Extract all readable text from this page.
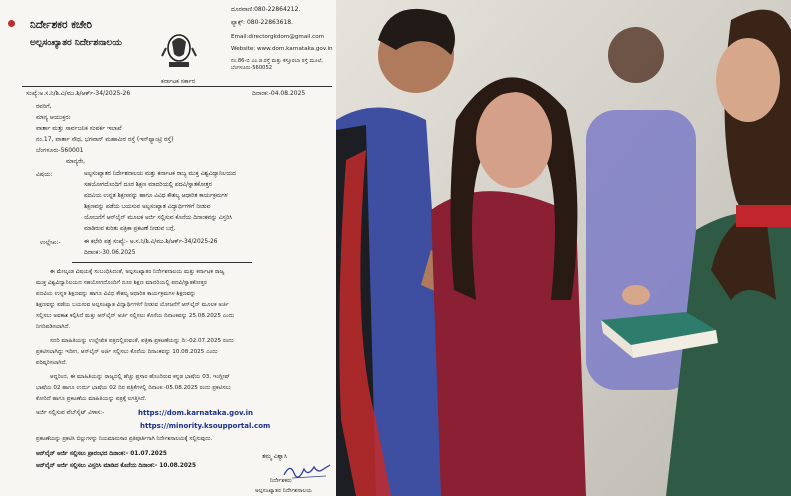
ನಿರ್ದೇಶಕರ ಕಚೇರಿ
ಅಲ್ಪಸಂಖ್ಯಾತರ ನಿರ್ದೇಶನಾಲಯ
ಕರ್ನಾಟಕ ಸರ್ಕಾರ
ದೂರವಾಣಿ:080-22864212.
ಫ್ಯಾಕ್ಸ್: 080-22863618.
Email:directorgkdom@gmail.com
Website: www.dom.karnataka.gov.in
ನಂ.86-ಬಿ ಎಂ.ಜಿ.ರಸ್ತೆ ಮತ್ತು ಕಸ್ತೂರಬಾ ರಸ್ತೆ ಮೂಲೆ, ಬೆಂಗಳೂರು-560052
ಸಂಖ್ಯೆ:ಅ.ಸ.ನಿ/ಶಿ.ವಿ/ಮು.ಶಿ/ಆರ್ಕ್-34/2025-26	ದಿನಾಂಕ:-04.08.2025
ರವರಿಗೆ,
ಮಾನ್ಯ ಆಯುಕ್ತರು
ವಾರ್ತಾ ಮತ್ತು ಸಾರ್ವಜನಿಕ ಸಂಪರ್ಕ ಇಲಾಖೆ
ನಂ.17, ವಾರ್ತಾ ಸೌಧ, ಭಗವಾನ್ ಮಹಾವೀರ ರಸ್ತೆ (ಇನ್‌ಫ್ಯಾಂಟ್ರಿ ರಸ್ತೆ)
ಬೆಂಗಳೂರು-560001
ಮಾನ್ಯರೇ,
ವಿಷಯ:	ಅಲ್ಪಸಂಖ್ಯಾತರ ನಿರ್ದೇಶನಾಲಯ ಮತ್ತು ಕರ್ನಾಟಕ ರಾಜ್ಯ ಮುಕ್ತ ವಿಶ್ವವಿದ್ಯಾನಿಲಯದ
ಸಹಯೋಗದೊಂದಿಗೆ ದೂರ ಶಿಕ್ಷಣ ಮಾದರಿಯಲ್ಲಿ ಪದವಿ/ಸ್ನಾತಕೋತ್ತರ
ಪದವಿಯ ಉನ್ನತ ಶಿಕ್ಷಣವನ್ನು ಹಾಗೂ ವಿವಿಧ ಕೌಶಲ್ಯ ಆಧಾರಿತ ಕಾರ್ಯಕ್ರಮಗಳ
ಶಿಕ್ಷಣವನ್ನು ಪಡೆಯ ಬಯಸುವ ಅಲ್ಪಸಂಖ್ಯಾತ ವಿದ್ಯಾರ್ಥಿಗಳಿಗೆ ನೀಡುವ
ಯೋಜನೆಗೆ ಆನ್‌ಲೈನ್ ಮೂಲಕ ಅರ್ಜಿ ಸಲ್ಲಿಸುವ ಕೊನೆಯ ದಿನಾಂಕವನ್ನು ವಿಸ್ತರಿಸಿ
ಮಾಡಿರುವ ಕುರಿತು ಪತ್ರಿಕಾ ಪ್ರಕಟಣೆ ನೀಡುವ ಬಗ್ಗೆ.
ಉಲ್ಲೇಖ:-	ಈ ಕಛೇರಿ ಪತ್ರ ಸಂಖ್ಯೆ:- ಅ.ಸ.ನಿ/ಶಿ.ವಿ/ಮು.ಶಿ/ಆರ್ಕ್-34/2025-26
ದಿನಾಂಕ:-30.06.2025
ಈ ಮೇಲ್ಕಂಡ ವಿಷಯಕ್ಕೆ ಸಂಬಂಧಿಸಿದಂತೆ, ಅಲ್ಪಸಂಖ್ಯಾತರ ನಿರ್ದೇಶನಾಲಯ ಮತ್ತು ಕರ್ನಾಟಕ ರಾಜ್ಯ
ಮುಕ್ತ ವಿಶ್ವವಿದ್ಯಾನಿಲಯದ ಸಹಯೋಗದೊಂದಿಗೆ ದೂರ ಶಿಕ್ಷಣ ಮಾದರಿಯಲ್ಲಿ ಪದವಿ/ಸ್ನಾತಕೋತ್ತರ
ಪದವಿಯ ಉನ್ನತ ಶಿಕ್ಷಣವನ್ನು ಹಾಗೂ ವಿವಿಧ ಕೌಶಲ್ಯ ಆಧಾರಿತ ಕಾರ್ಯಕ್ರಮಗಳ ಶಿಕ್ಷಣವನ್ನು
ಶಿಕ್ಷಣವನ್ನು ಪಡೆಯ ಬಯಸುವ ಅಲ್ಪಸಂಖ್ಯಾತ ವಿದ್ಯಾರ್ಥಿಗಳಿಗೆ ನೀಡುವ ಯೋಜನೆಗೆ ಆನ್‌ಲೈನ್ ಮೂಲಕ ಅರ್ಜಿ
ಸಲ್ಲಿಸಲು ಅವಕಾಶ ಕಲ್ಪಿಸಿದೆ ಮತ್ತು ಆನ್‌ಲೈನ್ ಅರ್ಜಿ ಸಲ್ಲಿಸಲು ಕೊನೆಯ ದಿನಾಂಕವನ್ನು 25.08.2025 ಎಂದು
ನಿಗದಿಪಡಿಸಲಾಗಿದೆ.
ಸದರಿ ಮಾಹಿತಿಯನ್ನು ಉಲ್ಲೇಖಿತ ಪತ್ರದಲ್ಲಿರುವಂತೆ, ಪತ್ರಿಕಾ ಪ್ರಕಟಣೆಯನ್ನು ದಿ:-02.07.2025 ರಂದು
ಪ್ರಕಟಿಸಲಾಗಿದ್ದು ಇದೀಗ, ಆನ್‌ಲೈನ್ ಅರ್ಜಿ ಸಲ್ಲಿಸಲು ಕೊನೆಯ ದಿನಾಂಕವನ್ನು 10.08.2025 ಎಂದು
ಪರಿಷ್ಕರಿಸಲಾಗಿದೆ.
ಆದ್ದರಿಂದ, ಈ ಮಾಹಿತಿಯನ್ನು ರಾಜ್ಯದಲ್ಲಿ ಹೆಚ್ಚು ಪ್ರಸಾರ ಹೊಂದಿರುವ ಕನ್ನಡ ಭಾಷೆಯ 03, ಇಂಗ್ಲೀಷ್
ಭಾಷೆಯ 02 ಹಾಗೂ ಉರ್ದು ಭಾಷೆಯ 02 ದಿನ ಪತ್ರಿಕೆಗಳಲ್ಲಿ ದಿನಾಂಕ:-05.08.2025 ರಂದು ಪ್ರಕಟಿಸಲು
ಕೋರಿದೆ ಹಾಗೂ ಪ್ರಕಟಣೆಯ ಮಾಹಿತಿಯನ್ನು ಪತ್ರಕ್ಕೆ ಲಗತ್ತಿಸಿದೆ.
ಅರ್ಜಿ ಸಲ್ಲಿಸುವ ವೆಬ್‌ಸೈಟ್ ವಿಳಾಸ:-	https://dom.karnataka.gov.in
https://minority.ksoupportal.com
ಪ್ರಕಟಣೆಯನ್ನು ಪ್ರಕಟಿಸಿ ಬಿಲ್ಲುಗಳನ್ನು ನಿಯಮಾನುಸಾರ ಪ್ರತಿಪೂರ್ತಿಗಾಗಿ ನಿರ್ದೇಶನಾಲಯಕ್ಕೆ ಸಲ್ಲಿಸುವುದು.
ಆನ್‌ಲೈನ್ ಅರ್ಜಿ ಸಲ್ಲಿಸಲು ಪ್ರಾರಂಭದ ದಿನಾಂಕ:- 01.07.2025
ಆನ್‌ಲೈನ್ ಅರ್ಜಿ ಸಲ್ಲಿಸಲು ವಿಸ್ತರಿಸಿ ಮಾಡಿದ ಕೊನೆಯ ದಿನಾಂಕ:- 10.08.2025
ತಮ್ಮ ವಿಶ್ವಾಸಿ
ನಿರ್ದೇಶಕರು
ಅಲ್ಪಸಂಖ್ಯಾತರ ನಿರ್ದೇಶನಾಲಯ
